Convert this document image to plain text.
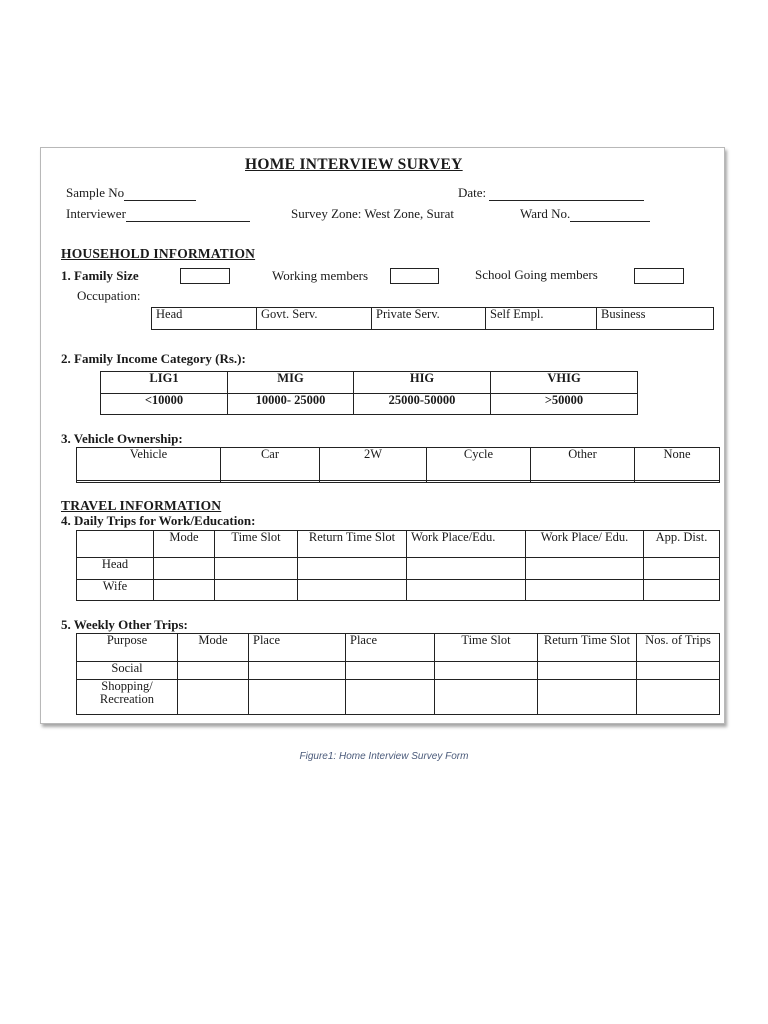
HOME INTERVIEW SURVEY
Sample No	Date:
Interviewer	Survey Zone: West Zone, Surat	Ward No.
HOUSEHOLD INFORMATION
1. Family Size	Working members	School Going members
Occupation:
Head	Govt. Serv.	Private Serv.	Self Empl.	Business
2. Family Income Category (Rs.):
LIG1	MIG	HIG	VHIG
<10000	10000- 25000	25000-50000	>50000
3. Vehicle Ownership:
Vehicle	Car	2W	Cycle	Other	None

TRAVEL INFORMATION
4. Daily Trips for Work/Education:
	Mode	Time Slot	Return Time Slot	Work Place/Edu.	Work Place/ Edu.	App. Dist.
Head						
Wife						
5. Weekly Other Trips:
Purpose	Mode	Place	Place	Time Slot	Return Time Slot	Nos. of Trips
Social						
Shopping/ Recreation						
Figure1: Home Interview Survey Form
